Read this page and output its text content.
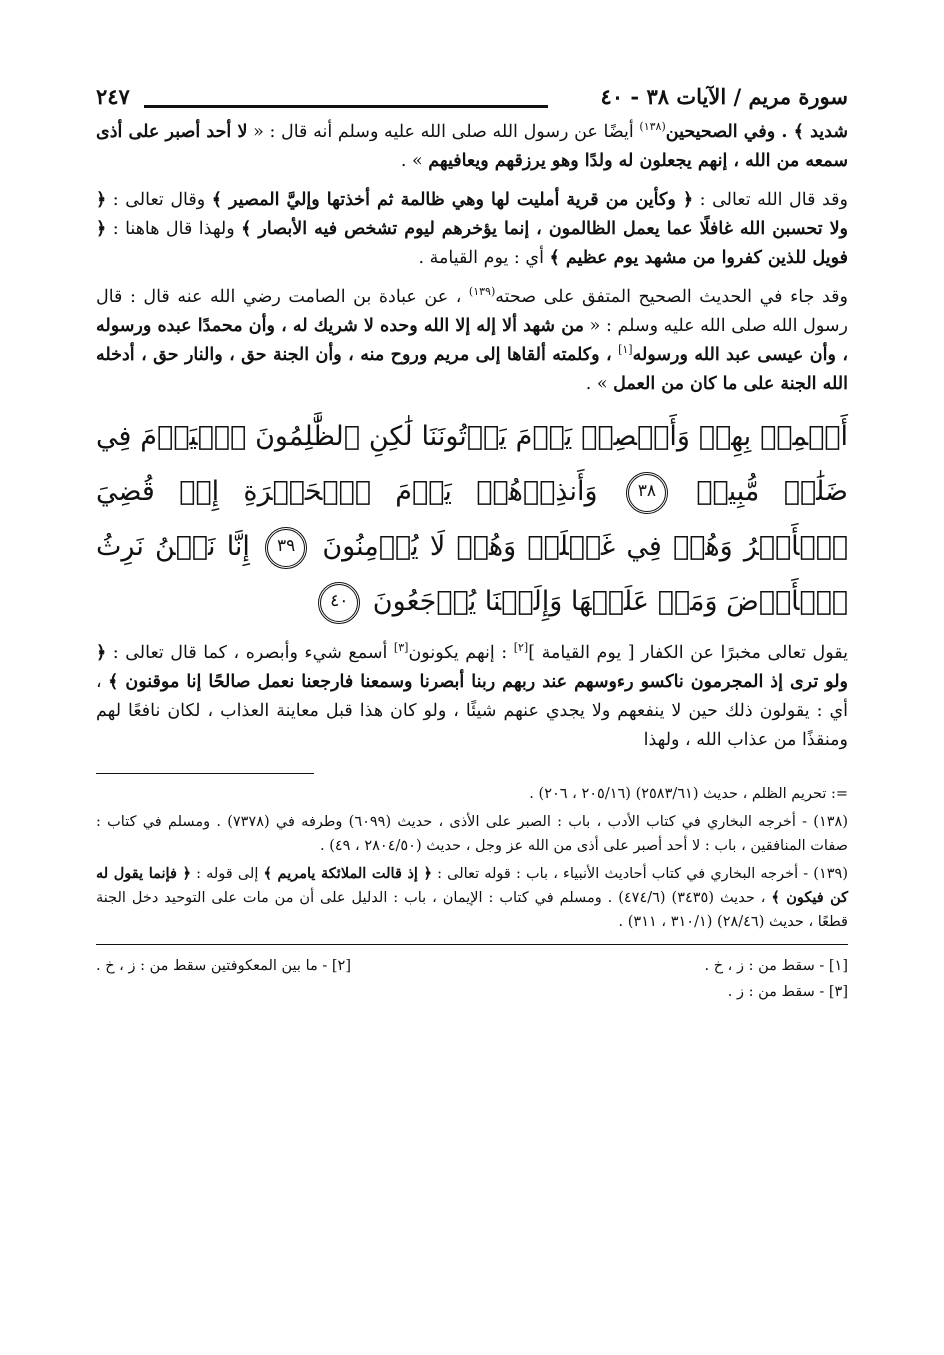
سورة مريم / الآيات ٣٨ - ٤٠
٢٤٧

شديد ﴾ . وفي الصحيحين$^{(١٣٨)}$ أيضًا عن رسول الله صلى الله عليه وسلم أنه قال : « لا أحد أصبر على أذى سمعه من الله ، إنهم يجعلون له ولدًا وهو يرزقهم ويعافيهم » .

وقد قال الله تعالى : ﴿ وكأين من قرية أمليت لها وهي ظالمة ثم أخذتها وإليَّ المصير ﴾ وقال تعالى : ﴿ ولا تحسبن الله غافلًا عما يعمل الظالمون ، إنما يؤخرهم ليوم تشخص فيه الأبصار ﴾ ولهذا قال هاهنا : ﴿ فويل للذين كفروا من مشهد يوم عظيم ﴾ أي : يوم القيامة .

وقد جاء في الحديث الصحيح المتفق على صحته$^{(١٣٩)}$ ، عن عبادة بن الصامت رضي الله عنه قال : قال رسول الله صلى الله عليه وسلم : « من شهد ألا إله إلا الله وحده لا شريك له ، وأن محمدًا عبده ورسوله ، وأن عيسى عبد الله ورسوله[١] ، وكلمته ألقاها إلى مريم وروح منه ، وأن الجنة حق ، والنار حق ، أدخله الله الجنة على ما كان من العمل » .

أَسۡمِعۡ بِهِمۡ وَأَبۡصِرۡ يَوۡمَ يَأۡتُونَنَا لَٰكِنِ ٱلظَّٰلِمُونَ ٱلۡيَوۡمَ فِي ضَلَٰلٖ مُّبِينٖ ٣٨ وَأَنذِرۡهُمۡ يَوۡمَ ٱلۡحَسۡرَةِ إِذۡ قُضِيَ ٱلۡأَمۡرُ وَهُمۡ فِي غَفۡلَةٖ وَهُمۡ لَا يُؤۡمِنُونَ ٣٩ إِنَّا نَحۡنُ نَرِثُ ٱلۡأَرۡضَ وَمَنۡ عَلَيۡهَا وَإِلَيۡنَا يُرۡجَعُونَ ٤٠

يقول تعالى مخبرًا عن الكفار [ يوم القيامة ][٢] : إنهم يكونون[٣] أسمع شيء وأبصره ، كما قال تعالى : ﴿ ولو ترى إذ المجرمون ناكسو رءوسهم عند ربهم ربنا أبصرنا وسمعنا فارجعنا نعمل صالحًا إنا موقنون ﴾ ، أي : يقولون ذلك حين لا ينفعهم ولا يجدي عنهم شيئًا ، ولو كان هذا قبل معاينة العذاب ، لكان نافعًا لهم ومنقذًا من عذاب الله ، ولهذا

=: تحريم الظلم ، حديث (٢٥٨٣/٦١) (٢٠٥/١٦ ، ٢٠٦) .

(١٣٨) - أخرجه البخاري في كتاب الأدب ، باب : الصبر على الأذى ، حديث (٦٠٩٩) وطرفه في (٧٣٧٨) . ومسلم في كتاب : صفات المنافقين ، باب : لا أحد أصبر على أذى من الله عز وجل ، حديث (٢٨٠٤/٥٠ ، ٤٩) .

(١٣٩) - أخرجه البخاري في كتاب أحاديث الأنبياء ، باب : قوله تعالى : ﴿ إذ قالت الملائكة يامريم ﴾ إلى قوله : ﴿ فإنما يقول له كن فيكون ﴾ ، حديث (٣٤٣٥) (٤٧٤/٦) . ومسلم في كتاب : الإيمان ، باب : الدليل على أن من مات على التوحيد دخل الجنة قطعًا ، حديث (٢٨/٤٦) (٣١٠/١ ، ٣١١) .

[١] - سقط من : ز ، خ .
[٢] - ما بين المعكوفتين سقط من : ز ، خ .
[٣] - سقط من : ز .
